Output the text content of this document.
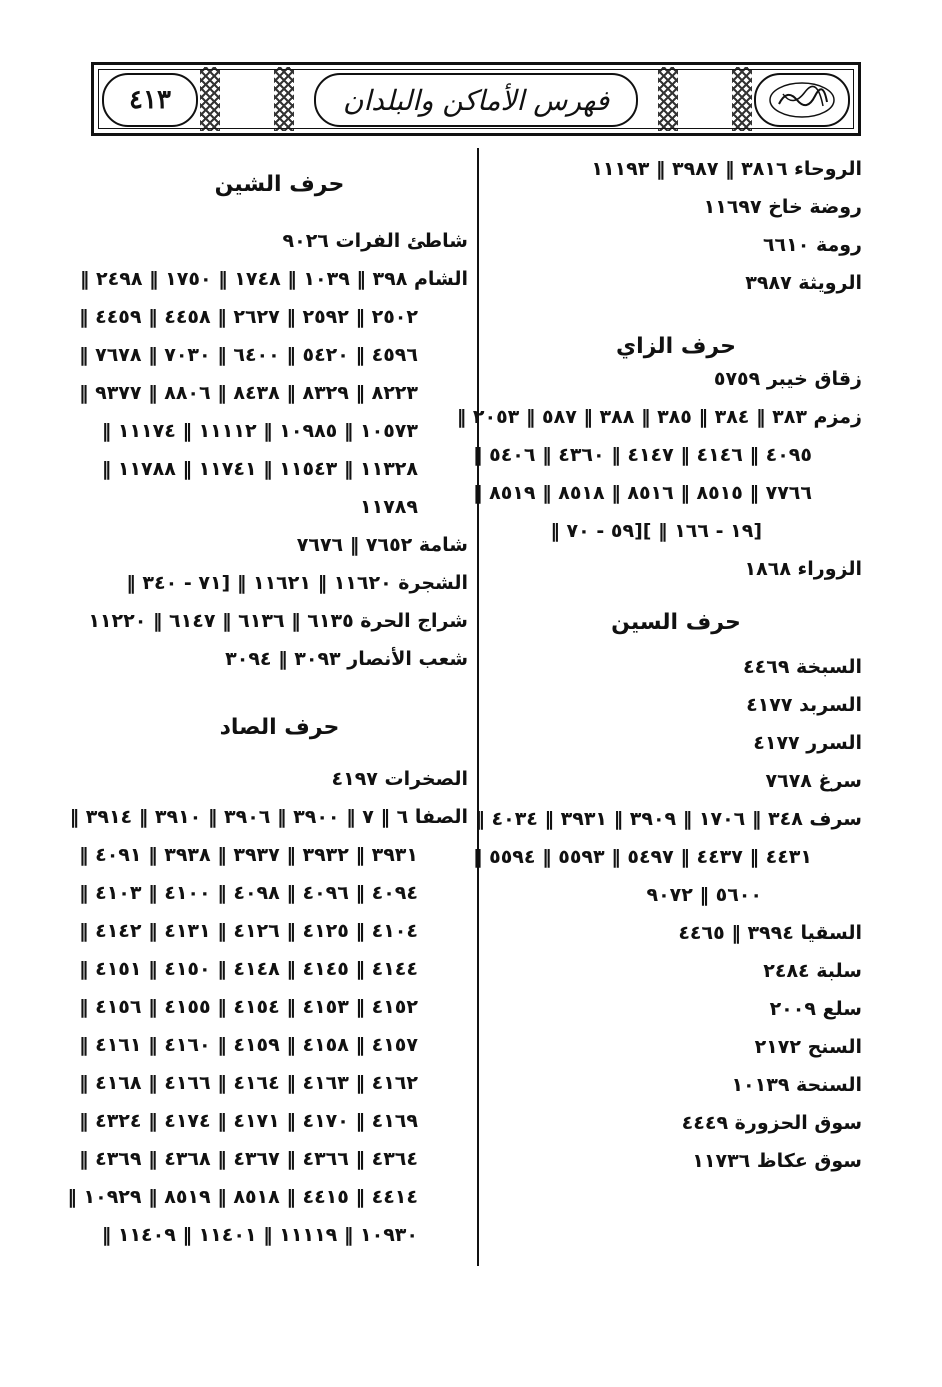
٤١٣	فهرس الأماكن والبلدان
الروحاء ٣٨١٦ ‖ ٣٩٨٧ ‖ ١١١٩٣
روضة خاخ ١١٦٩٧
رومة ٦٦١٠
الرويثة ٣٩٨٧
حرف الزاي
زقاق خيبر ٥٧٥٩
زمزم ٣٨٣ ‖ ٣٨٤ ‖ ٣٨٥ ‖ ٣٨٨ ‖ ٥٨٧ ‖ ٢٠٥٣ ‖
٤٠٩٥ ‖ ٤١٤٦ ‖ ٤١٤٧ ‖ ٤٣٦٠ ‖ ٥٤٠٦ ‖
٧٧٦٦ ‖ ٨٥١٥ ‖ ٨٥١٦ ‖ ٨٥١٨ ‖ ٨٥١٩ ‖
[١٩ - ١٦٦ ‖ ][٥٩ - ٧٠ ‖
الزوراء ١٨٦٨
حرف السين
السبخة ٤٤٦٩
السربد ٤١٧٧
السرر ٤١٧٧
سرغ ٧٦٧٨
سرف ٣٤٨ ‖ ١٧٠٦ ‖ ٣٩٠٩ ‖ ٣٩٣١ ‖ ٤٠٣٤ ‖
٤٤٣١ ‖ ٤٤٣٧ ‖ ٥٤٩٧ ‖ ٥٥٩٣ ‖ ٥٥٩٤ ‖
٥٦٠٠ ‖ ٩٠٧٢
السقيا ٣٩٩٤ ‖ ٤٤٦٥
سلبة ٢٤٨٤
سلع ٢٠٠٩
السنح ٢١٧٢
السنحة ١٠١٣٩
سوق الحزورة ٤٤٤٩
سوق عكاظ ١١٧٣٦
حرف الشين
شاطئ الفرات ٩٠٢٦
الشام ٣٩٨ ‖ ١٠٣٩ ‖ ١٧٤٨ ‖ ١٧٥٠ ‖ ٢٤٩٨ ‖
٢٥٠٢ ‖ ٢٥٩٢ ‖ ٢٦٢٧ ‖ ٤٤٥٨ ‖ ٤٤٥٩ ‖
٤٥٩٦ ‖ ٥٤٢٠ ‖ ٦٤٠٠ ‖ ٧٠٣٠ ‖ ٧٦٧٨ ‖
٨٢٢٣ ‖ ٨٣٢٩ ‖ ٨٤٣٨ ‖ ٨٨٠٦ ‖ ٩٣٧٧ ‖
١٠٥٧٣ ‖ ١٠٩٨٥ ‖ ١١١١٢ ‖ ١١١٧٤ ‖
١١٣٢٨ ‖ ١١٥٤٣ ‖ ١١٧٤١ ‖ ١١٧٨٨ ‖
١١٧٨٩
شامة ٧٦٥٢ ‖ ٧٦٧٦
الشجرة ١١٦٢٠ ‖ ١١٦٢١ ‖ [٧١ - ٣٤٠ ‖
شراج الحرة ٦١٣٥ ‖ ٦١٣٦ ‖ ٦١٤٧ ‖ ١١٢٢٠
شعب الأنصار ٣٠٩٣ ‖ ٣٠٩٤
حرف الصاد
الصخرات ٤١٩٧
الصفا ٦ ‖ ٧ ‖ ٣٩٠٠ ‖ ٣٩٠٦ ‖ ٣٩١٠ ‖ ٣٩١٤ ‖
٣٩٣١ ‖ ٣٩٣٢ ‖ ٣٩٣٧ ‖ ٣٩٣٨ ‖ ٤٠٩١ ‖
٤٠٩٤ ‖ ٤٠٩٦ ‖ ٤٠٩٨ ‖ ٤١٠٠ ‖ ٤١٠٣ ‖
٤١٠٤ ‖ ٤١٢٥ ‖ ٤١٢٦ ‖ ٤١٣١ ‖ ٤١٤٢ ‖
٤١٤٤ ‖ ٤١٤٥ ‖ ٤١٤٨ ‖ ٤١٥٠ ‖ ٤١٥١ ‖
٤١٥٢ ‖ ٤١٥٣ ‖ ٤١٥٤ ‖ ٤١٥٥ ‖ ٤١٥٦ ‖
٤١٥٧ ‖ ٤١٥٨ ‖ ٤١٥٩ ‖ ٤١٦٠ ‖ ٤١٦١ ‖
٤١٦٢ ‖ ٤١٦٣ ‖ ٤١٦٤ ‖ ٤١٦٦ ‖ ٤١٦٨ ‖
٤١٦٩ ‖ ٤١٧٠ ‖ ٤١٧١ ‖ ٤١٧٤ ‖ ٤٣٢٤ ‖
٤٣٦٤ ‖ ٤٣٦٦ ‖ ٤٣٦٧ ‖ ٤٣٦٨ ‖ ٤٣٦٩ ‖
٤٤١٤ ‖ ٤٤١٥ ‖ ٨٥١٨ ‖ ٨٥١٩ ‖ ١٠٩٢٩ ‖
١٠٩٣٠ ‖ ١١١١٩ ‖ ١١٤٠١ ‖ ١١٤٠٩ ‖
